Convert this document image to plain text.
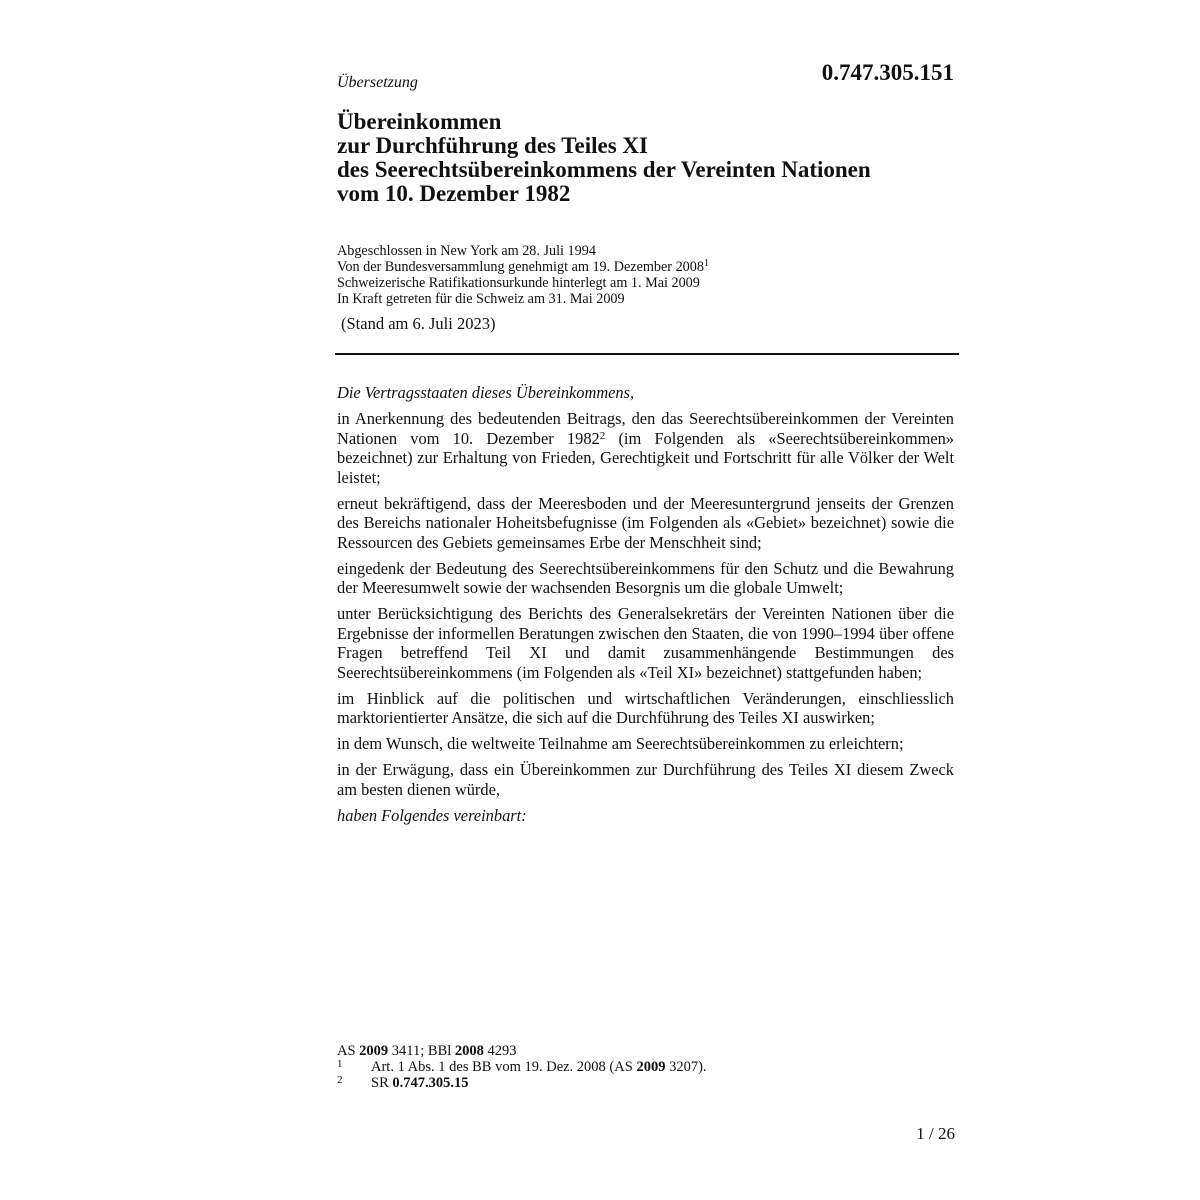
Übersetzung	0.747.305.151
Übereinkommen
zur Durchführung des Teiles XI
des Seerechtsübereinkommens der Vereinten Nationen
vom 10. Dezember 1982
Abgeschlossen in New York am 28. Juli 1994
Von der Bundesversammlung genehmigt am 19. Dezember 2008$^1$
Schweizerische Ratifikationsurkunde hinterlegt am 1. Mai 2009
In Kraft getreten für die Schweiz am 31. Mai 2009
(Stand am 6. Juli 2023)

Die Vertragsstaaten dieses Übereinkommens,

in Anerkennung des bedeutenden Beitrags, den das Seerechtsübereinkommen der Vereinten Nationen vom 10. Dezember 1982$^2$ (im Folgenden als «Seerechtsübereinkommen» bezeichnet) zur Erhaltung von Frieden, Gerechtigkeit und Fortschritt für alle Völker der Welt leistet;

erneut bekräftigend, dass der Meeresboden und der Meeresuntergrund jenseits der Grenzen des Bereichs nationaler Hoheitsbefugnisse (im Folgenden als «Gebiet» bezeichnet) sowie die Ressourcen des Gebiets gemeinsames Erbe der Menschheit sind;

eingedenk der Bedeutung des Seerechtsübereinkommens für den Schutz und die Bewahrung der Meeresumwelt sowie der wachsenden Besorgnis um die globale Umwelt;

unter Berücksichtigung des Berichts des Generalsekretärs der Vereinten Nationen über die Ergebnisse der informellen Beratungen zwischen den Staaten, die von 1990–1994 über offene Fragen betreffend Teil XI und damit zusammenhängende Bestimmungen des Seerechtsübereinkommens (im Folgenden als «Teil XI» bezeichnet) stattgefunden haben;

im Hinblick auf die politischen und wirtschaftlichen Veränderungen, einschliesslich marktorientierter Ansätze, die sich auf die Durchführung des Teiles XI auswirken;

in dem Wunsch, die weltweite Teilnahme am Seerechtsübereinkommen zu erleichtern;

in der Erwägung, dass ein Übereinkommen zur Durchführung des Teiles XI diesem Zweck am besten dienen würde,

haben Folgendes vereinbart:

AS 2009 3411; BBl 2008 4293
1	Art. 1 Abs. 1 des BB vom 19. Dez. 2008 (AS 2009 3207).
2	SR 0.747.305.15
1 / 26
